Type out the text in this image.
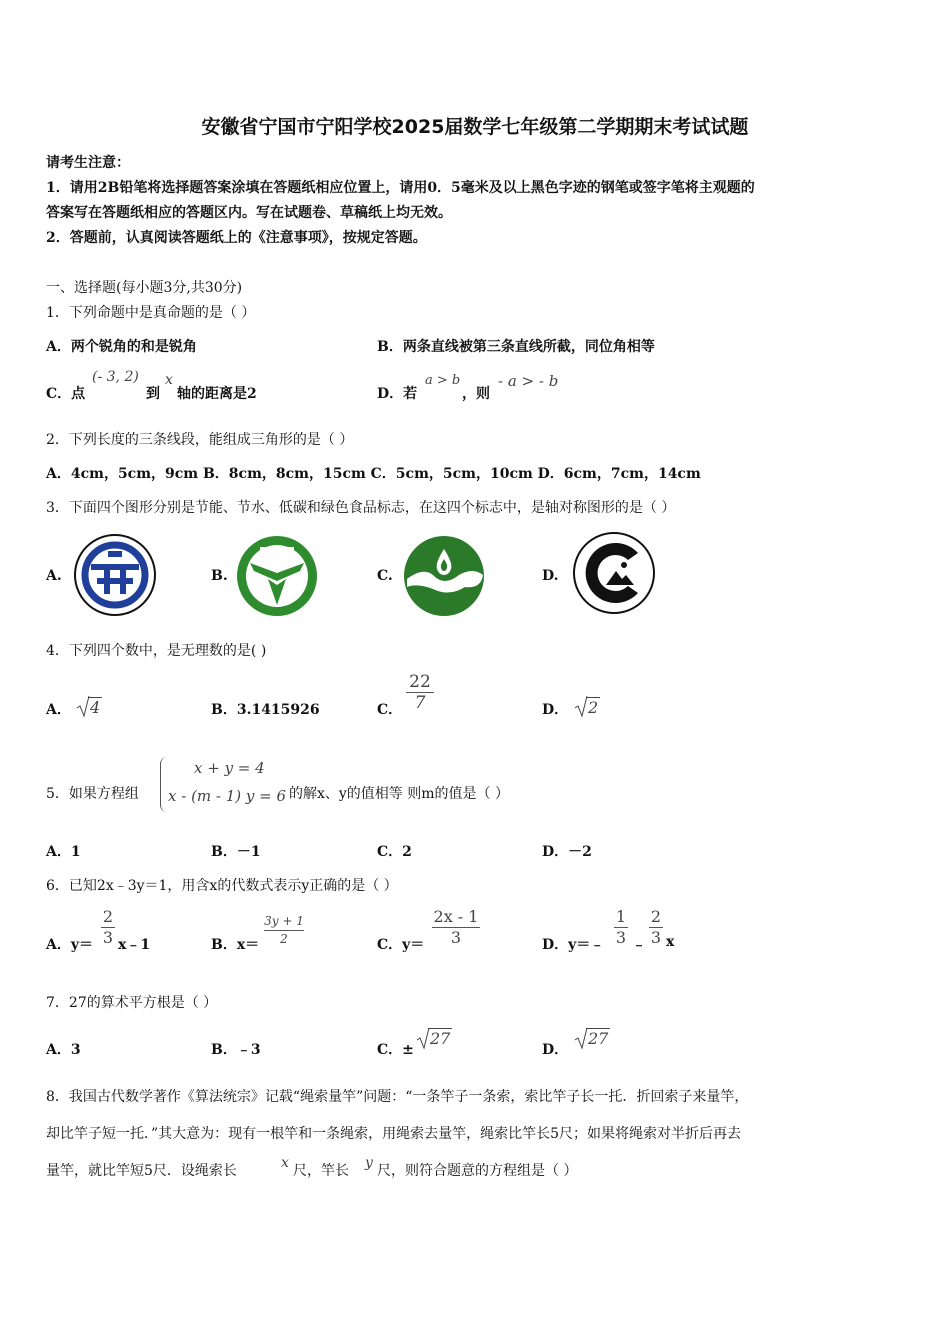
安徽省宁国市宁阳学校2025届数学七年级第二学期期末考试试题
请考生注意：
1．请用2B铅笔将选择题答案涂填在答题纸相应位置上，请用0．5毫米及以上黑色字迹的钢笔或签字笔将主观题的
答案写在答题纸相应的答题区内。写在试题卷、草稿纸上均无效。
2．答题前，认真阅读答题纸上的《注意事项》，按规定答题。
一、选择题(每小题3分,共30分)
1．下列命题中是真命题的是（ ）
A．两个锐角的和是锐角	B．两条直线被第三条直线所截，同位角相等
C．点
(- 3, 2)
到
x
轴的距离是2	D．若
a > b
，则
- a > - b
2．下列长度的三条线段，能组成三角形的是（ ）
A．4cm，5cm，9cm B．8cm，8cm，15cm C．5cm，5cm，10cm D．6cm，7cm，14cm
3．下面四个图形分别是节能、节水、低碳和绿色食品标志，在这四个标志中，是轴对称图形的是（ ）
A.	B.	C.	D.
4．下列四个数中，是无理数的是( )
A． 4	B．3.1415926	C．
22
7	D． 2
5．如果方程组
x + y = 4
x - (m - 1) y = 6 的解x、y的值相等 则m的值是（ ）
A．1	B．－1	C．2	D．－2
6．已知2x﹣3y＝1，用含x的代数式表示y正确的是（ ）
A．y＝
2
3 x﹣1	B．x＝
3y + 1
2	C．y＝
2x - 1
3	D．y＝﹣
1
3 ﹣
2
3 x
7．27的算术平方根是（ ）
A．3	B．﹣3	C．±
27
D．
27
8．我国古代数学著作《算法统宗》记载“绳索量竿”问题：“一条竿子一条索，索比竿子长一托．折回索子来量竿，
却比竿子短一托．”其大意为：现有一根竿和一条绳索，用绳索去量竿，绳索比竿长5尺；如果将绳索对半折后再去
量竿，就比竿短5尺．设绳索长	x 尺，竿长 y 尺，则符合题意的方程组是（ ）
